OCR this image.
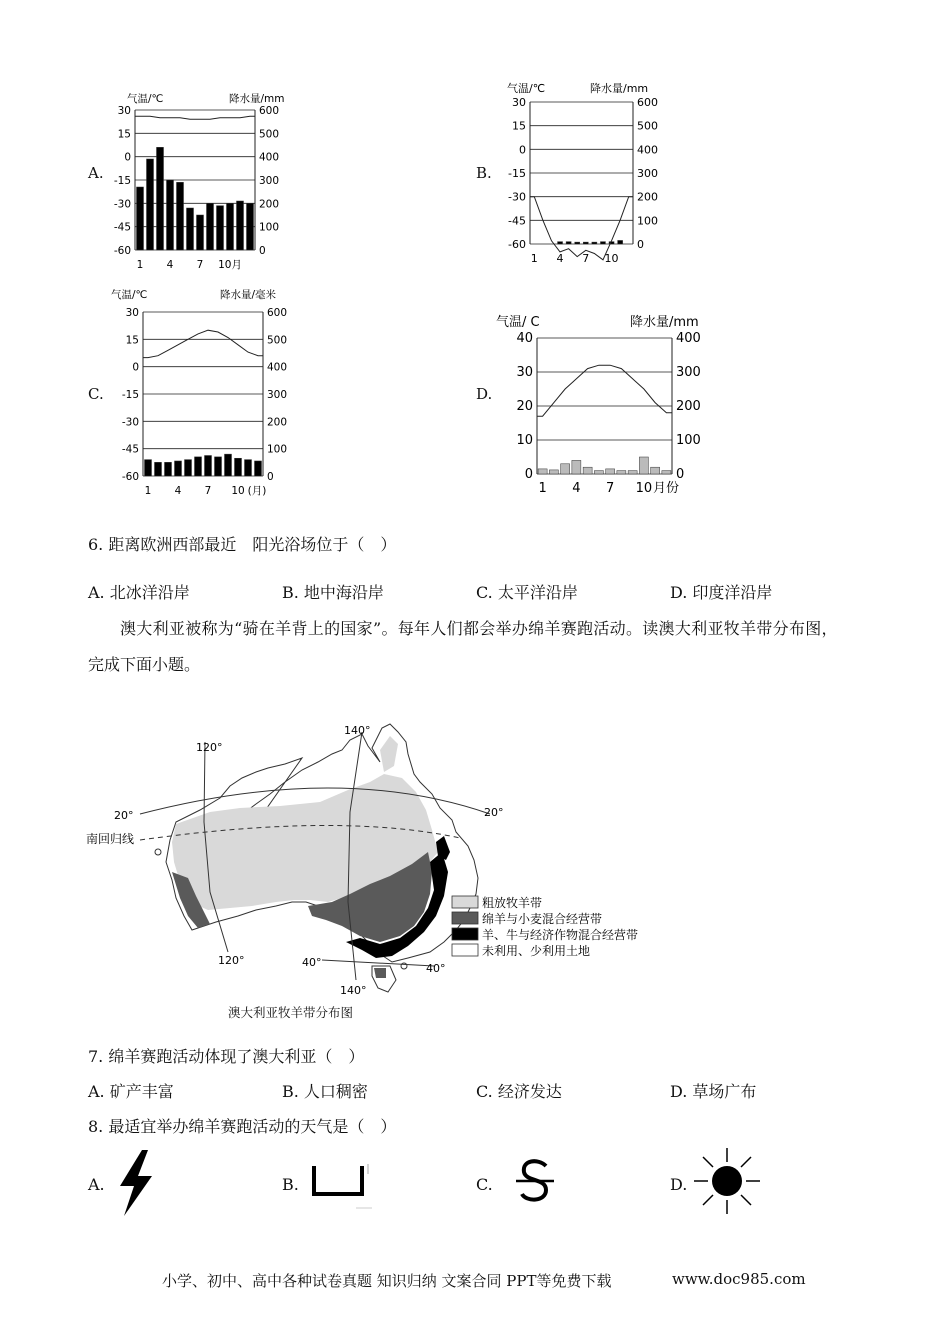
A.	B.
C.	D.
气温/℃	降水量/mm
30	600
15	500
0	400
-15	300
-30	200
-45	100
-60	0
1 4 7 10月
气温/℃	降水量/mm
30	600
15	500
0	400
-15	300
-30	200
-45	100
-60	0
1 4 7 10
气温/℃	降水量/毫米
30	600
15	500
0	400
-15	300
-30	200
-45	100
-60	0
1 4 7 10 (月)
气温/ C	降水量/mm
40	400
30	300
20	200
10	100
0	0
1 4 7 10 月份
6. 距离欧洲西部最近　阳光浴场位于（　）
A. 北冰洋沿岸	B. 地中海沿岸	C. 太平洋沿岸	D. 印度洋沿岸
澳大利亚被称为“骑在羊背上的国家”。每年人们都会举办绵羊赛跑活动。读澳大利亚牧羊带分布图，
完成下面小题。
120°
140°
20°	20°
南回归线
120°	40°	40°
140°
粗放牧羊带
绵羊与小麦混合经营带
羊、牛与经济作物混合经营带
未利用、少利用土地
澳大利亚牧羊带分布图
7. 绵羊赛跑活动体现了澳大利亚（　）
A. 矿产丰富	B. 人口稠密	C. 经济发达	D. 草场广布
8. 最适宜举办绵羊赛跑活动的天气是（　）
A.	B.	C.	D.
小学、初中、高中各种试卷真题 知识归纳 文案合同 PPT等免费下载	www.doc985.com
